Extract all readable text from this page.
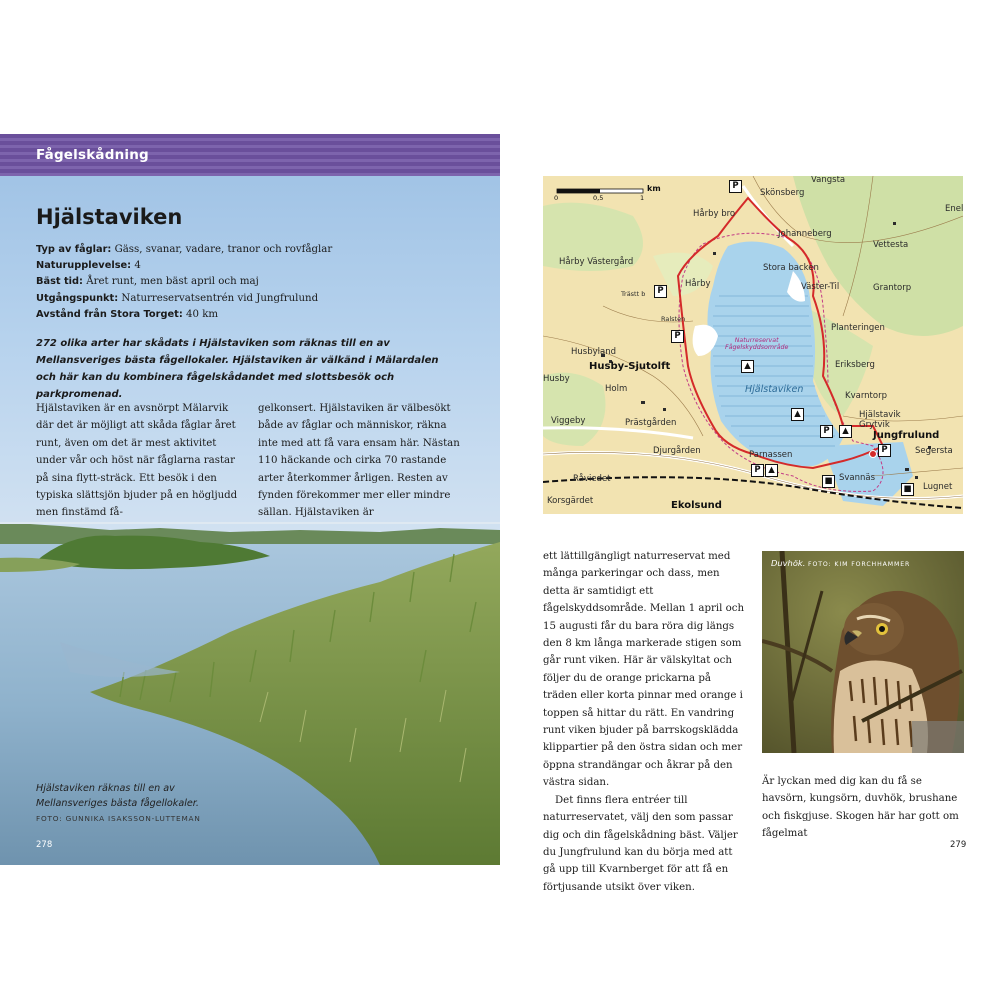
Fågelskådning
Hjälstaviken
Typ av fåglar: Gäss, svanar, vadare, tranor och rovfåglar
Naturupplevelse: 4
Bäst tid: Året runt, men bäst april och maj
Utgångspunkt: Naturreservatsentrén vid Jungfrulund
Avstånd från Stora Torget: 40 km
272 olika arter har skådats i Hjälstaviken som räknas till en av Mellansveriges bästa fågellokaler. Hjälstaviken är välkänd i Mälardalen och här kan du kombinera fågelskådandet med slottsbesök och parkpromenad.
Hjälstaviken är en avsnörpt Mälarvik där det är möjligt att skåda fåglar året runt, även om det är mest aktivitet under vår och höst när fåglarna rastar på sina flytt-sträck. Ett besök i den typiska slättsjön bjuder på en högljudd men finstämd få-
gelkonsert. Hjälstaviken är välbesökt både av fåglar och människor, räkna inte med att få vara ensam här. Nästan 110 häckande och cirka 70 rastande arter återkommer årligen. Resten av fynden förekommer mer eller mindre sällan. Hjälstaviken är
Hjälstaviken räknas till en av Mellansveriges bästa fågellokaler.
FOTO: GUNNIKA ISAKSSON-LUTTEMAN
278
0	0,5	1
km
Vangsta
Skönsberg
Hårby bro
Johanneberg
Vettesta
Enel
Hårby Västergård
Stora backen
Hårby	Väster-Til	Grantorp
Trästt b
Ralsten
Planteringen
Husbyland
Naturreservat
Fågelskyddsområde
Husby
Husby-Sjutolft	Eriksberg
Holm	Hjälstaviken
Kvarntorp
Hjälstavik
Grytvik
Viggeby	Prästgården
Jungfrulund
Segersta
Djurgården	Parnassen
Råviedet	Svannäs
Lugnet
Korsgärdet	Ekolsund
P
P
P
P
P
P
▲
▲
▲
▲
■
■

ett lättillgängligt naturreservat med många parkeringar och dass, men detta är samtidigt ett fågelskyddsområde. Mellan 1 april och 15 augusti får du bara röra dig längs den 8 km långa markerade stigen som går runt viken. Här är välskyltat och följer du de orange prickarna på träden eller korta pinnar med orange i toppen så hittar du rätt. En vandring runt viken bjuder på barrskogsklädda klippartier på den östra sidan och mer öppna strandängar och åkrar på den västra sidan.

Det finns flera entréer till naturreservatet, välj den som passar dig och din fågelskådning bäst. Väljer du Jungfrulund kan du börja med att gå upp till Kvarnberget för att få en förtjusande utsikt över viken.

Duvhök. FOTO: KIM FORCHHAMMER
Är lyckan med dig kan du få se havsörn, kungsörn, duvhök, brushane och fiskgjuse. Skogen här har gott om fågelmat
279
